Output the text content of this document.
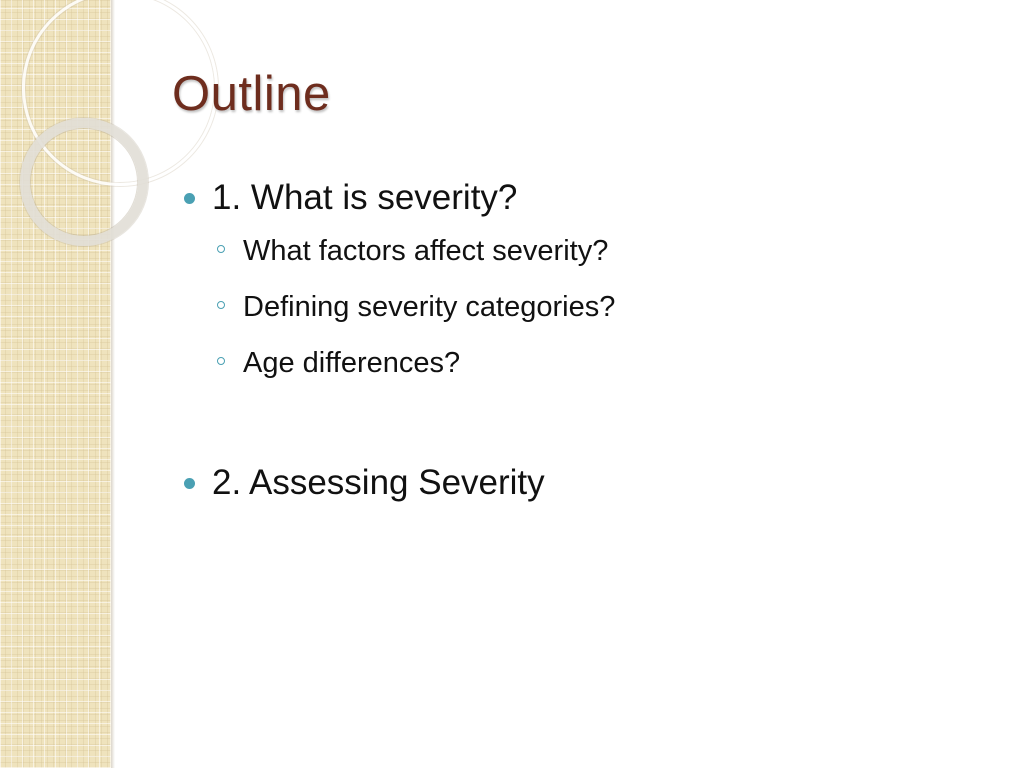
Outline
1. What is severity?
What factors affect severity?
Defining severity categories?
Age differences?
2. Assessing Severity
